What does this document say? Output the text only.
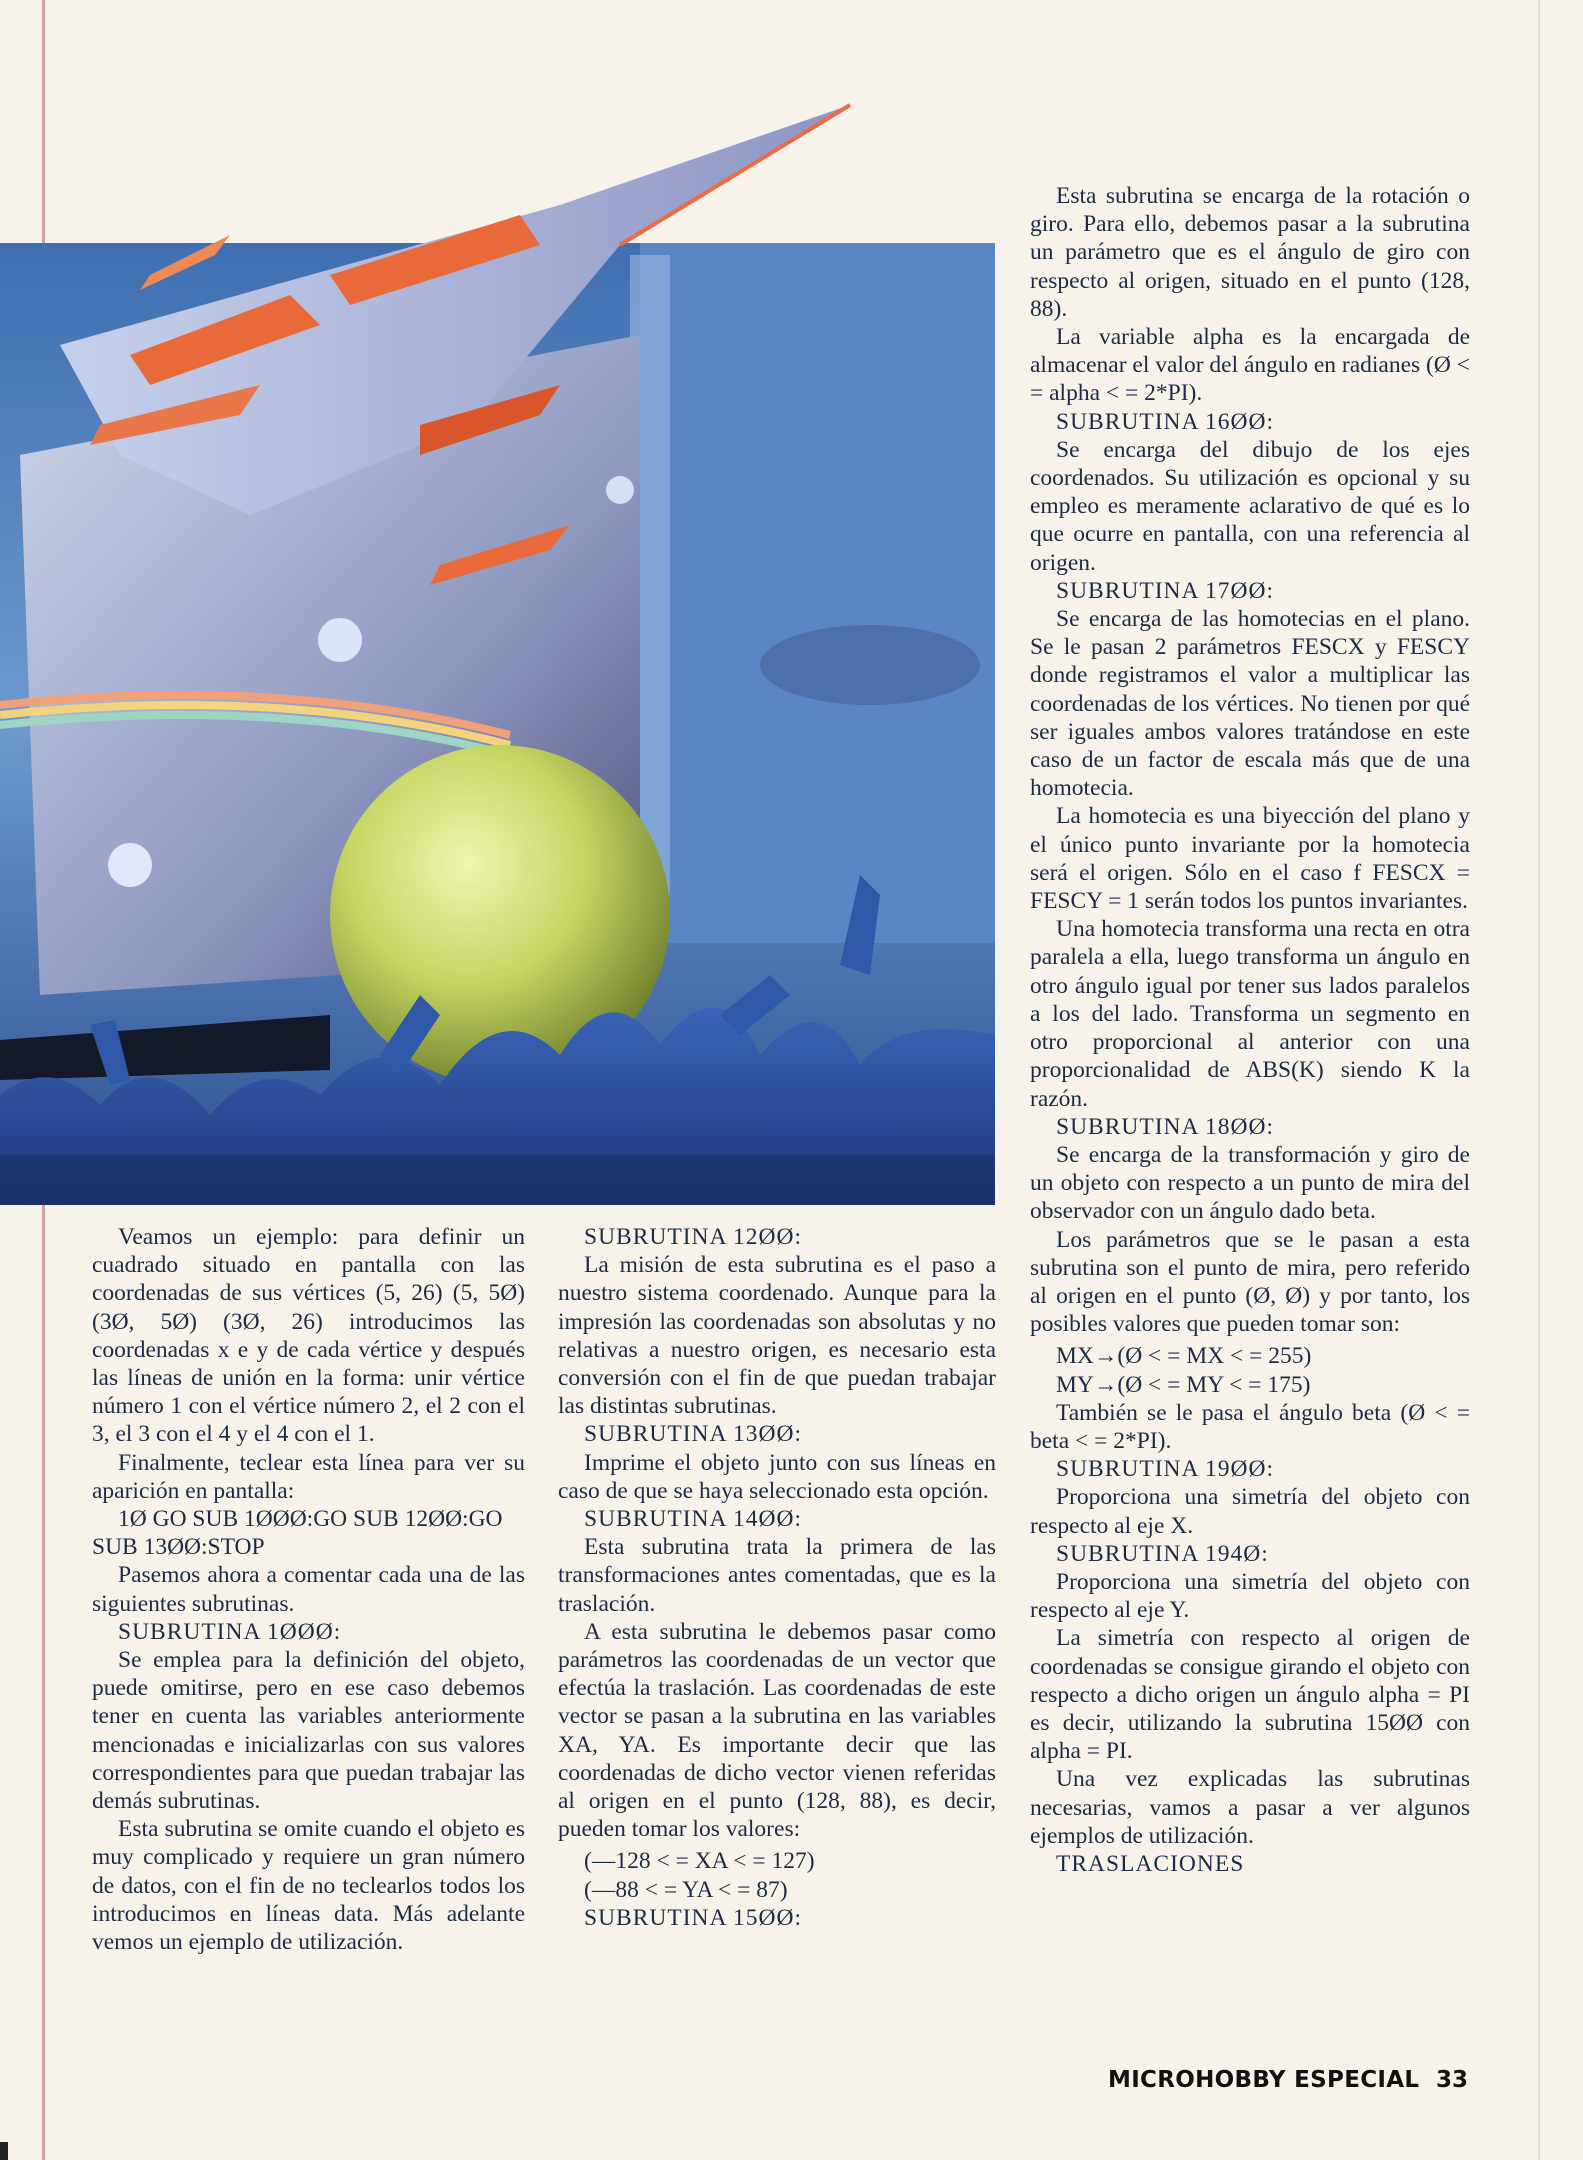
Veamos un ejemplo: para definir un cuadrado situado en pantalla con las coordenadas de sus vértices (5, 26) (5, 5Ø) (3Ø, 5Ø) (3Ø, 26) introducimos las coordenadas x e y de cada vértice y después las líneas de unión en la forma: unir vértice número 1 con el vértice número 2, el 2 con el 3, el 3 con el 4 y el 4 con el 1.

Finalmente, teclear esta línea para ver su aparición en pantalla:

1Ø GO SUB 1ØØØ:GO SUB 12ØØ:GO SUB 13ØØ:STOP

Pasemos ahora a comentar cada una de las siguientes subrutinas.

SUBRUTINA 1ØØØ:

Se emplea para la definición del objeto, puede omitirse, pero en ese caso debemos tener en cuenta las variables anteriormente mencionadas e inicializarlas con sus valores correspondientes para que puedan trabajar las demás subrutinas.

Esta subrutina se omite cuando el objeto es muy complicado y requiere un gran número de datos, con el fin de no teclearlos todos los introducimos en líneas data. Más adelante vemos un ejemplo de utilización.

SUBRUTINA 12ØØ:

La misión de esta subrutina es el paso a nuestro sistema coordenado. Aunque para la impresión las coordenadas son absolutas y no relativas a nuestro origen, es necesario esta conversión con el fin de que puedan trabajar las distintas subrutinas.

SUBRUTINA 13ØØ:

Imprime el objeto junto con sus líneas en caso de que se haya seleccionado esta opción.

SUBRUTINA 14ØØ:

Esta subrutina trata la primera de las transformaciones antes comentadas, que es la traslación.

A esta subrutina le debemos pasar como parámetros las coordenadas de un vector que efectúa la traslación. Las coordenadas de este vector se pasan a la subrutina en las variables XA, YA. Es importante decir que las coordenadas de dicho vector vienen referidas al origen en el punto (128, 88), es decir, pueden tomar los valores:

(—128 < = XA < = 127)

(—88 < = YA < = 87)

SUBRUTINA 15ØØ:

Esta subrutina se encarga de la rotación o giro. Para ello, debemos pasar a la subrutina un parámetro que es el ángulo de giro con respecto al origen, situado en el punto (128, 88).

La variable alpha es la encargada de almacenar el valor del ángulo en radianes (Ø < = alpha < = 2*PI).

SUBRUTINA 16ØØ:

Se encarga del dibujo de los ejes coordenados. Su utilización es opcional y su empleo es meramente aclarativo de qué es lo que ocurre en pantalla, con una referencia al origen.

SUBRUTINA 17ØØ:

Se encarga de las homotecias en el plano. Se le pasan 2 parámetros FESCX y FESCY donde registramos el valor a multiplicar las coordenadas de los vértices. No tienen por qué ser iguales ambos valores tratándose en este caso de un factor de escala más que de una homotecia.

La homotecia es una biyección del plano y el único punto invariante por la homotecia será el origen. Sólo en el caso f FESCX = FESCY = 1 serán todos los puntos invariantes.

Una homotecia transforma una recta en otra paralela a ella, luego transforma un ángulo en otro ángulo igual por tener sus lados paralelos a los del lado. Transforma un segmento en otro proporcional al anterior con una proporcionalidad de ABS(K) siendo K la razón.

SUBRUTINA 18ØØ:

Se encarga de la transformación y giro de un objeto con respecto a un punto de mira del observador con un ángulo dado beta.

Los parámetros que se le pasan a esta subrutina son el punto de mira, pero referido al origen en el punto (Ø, Ø) y por tanto, los posibles valores que pueden tomar son:

MX→(Ø < = MX < = 255)

MY→(Ø < = MY < = 175)

También se le pasa el ángulo beta (Ø < = beta < = 2*PI).

SUBRUTINA 19ØØ:

Proporciona una simetría del objeto con respecto al eje X.

SUBRUTINA 194Ø:

Proporciona una simetría del objeto con respecto al eje Y.

La simetría con respecto al origen de coordenadas se consigue girando el objeto con respecto a dicho origen un ángulo alpha = PI es decir, utilizando la subrutina 15ØØ con alpha = PI.

Una vez explicadas las subrutinas necesarias, vamos a pasar a ver algunos ejemplos de utilización.

TRASLACIONES

MICROHOBBY ESPECIAL 33
